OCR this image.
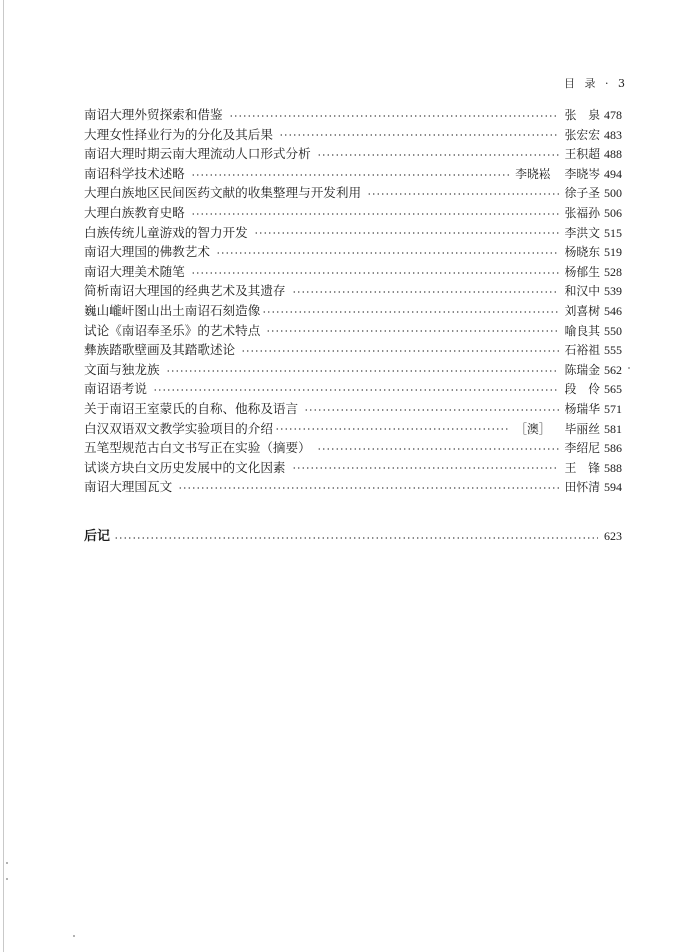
目 录 · 3
南诏大理外贸探索和借鉴	张　泉 478
大理女性择业行为的分化及其后果	张宏宏 483
南诏大理时期云南大理流动人口形式分析	王积超 488
南诏科学技术述略	李晓崧	李晓岑 494
大理白族地区民间医药文献的收集整理与开发利用	徐子圣 500
大理白族教育史略	张福孙 506
白族传统儿童游戏的智力开发	李洪文 515
南诏大理国的佛教艺术	杨晓东 519
南诏大理美术随笔	杨郁生 528
简析南诏大理国的经典艺术及其遗存	和汉中 539
巍山巄屽图山出土南诏石刻造像	刘喜树 546
试论《南诏奉圣乐》的艺术特点	喻良其 550
彝族踏歌壁画及其踏歌述论	石裕祖 555
文面与独龙族	陈瑞金 562
南诏语考说	段　伶 565
关于南诏王室蒙氏的自称、他称及语言	杨瑞华 571
白汉双语双文教学实验项目的介绍	［澳］	毕丽丝 581
五笔型规范古白文书写正在实验（摘要）	李绍尼 586
试谈方块白文历史发展中的文化因素	王　锋 588
南诏大理国瓦文	田怀清 594
后记	623
